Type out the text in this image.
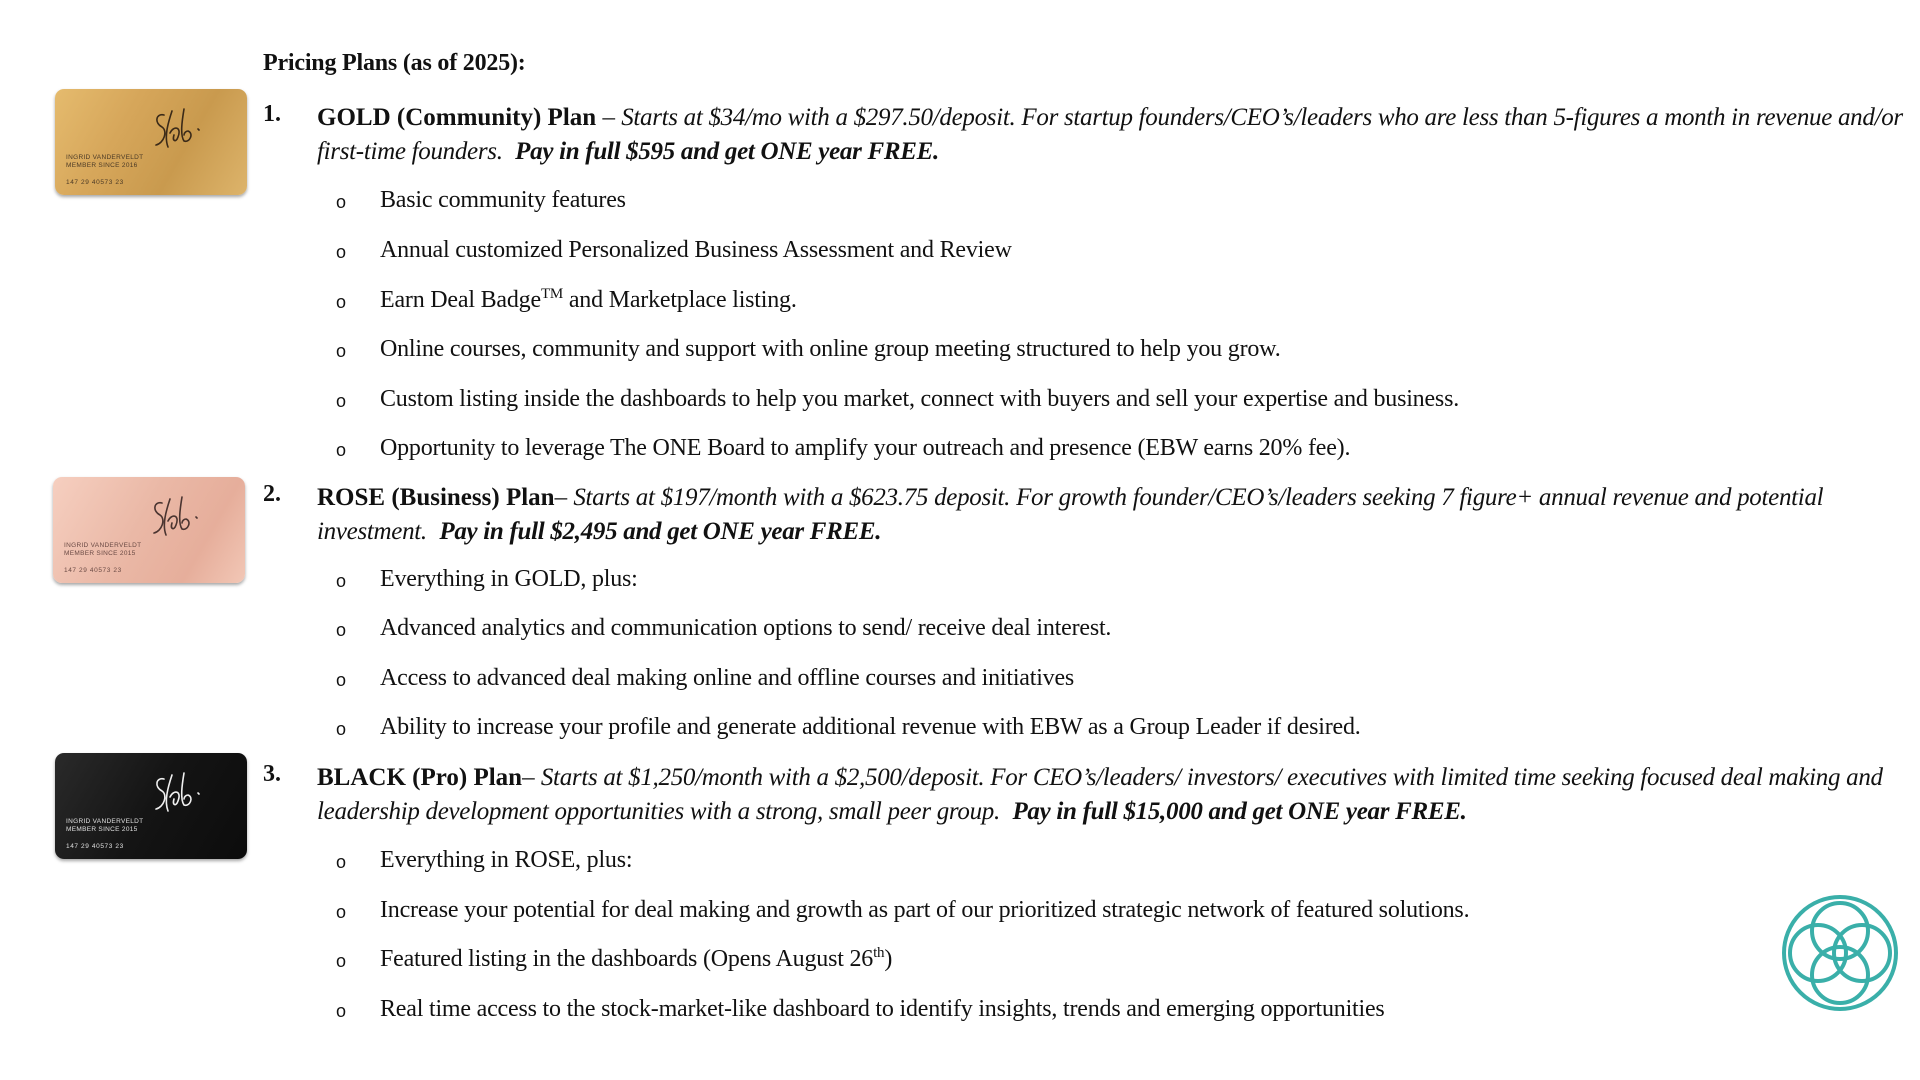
Pricing Plans (as of 2025):
INGRID VANDERVELDT
MEMBER SINCE 2016
147 29 40573 23
INGRID VANDERVELDT
MEMBER SINCE 2015
147 29 40573 23
INGRID VANDERVELDT
MEMBER SINCE 2015
147 29 40573 23
1. GOLD (Community) Plan – Starts at $34/mo with a $297.50/deposit. For startup founders/CEO’s/leaders who are less than 5-figures a month in revenue and/or first-time founders. Pay in full $595 and get ONE year FREE.
o Basic community features
o Annual customized Personalized Business Assessment and Review
o Earn Deal Badge™ and Marketplace listing.
o Online courses, community and support with online group meeting structured to help you grow.
o Custom listing inside the dashboards to help you market, connect with buyers and sell your expertise and business.
o Opportunity to leverage The ONE Board to amplify your outreach and presence (EBW earns 20% fee).
2. ROSE (Business) Plan– Starts at $197/month with a $623.75 deposit. For growth founder/CEO’s/leaders seeking 7 figure+ annual revenue and potential investment. Pay in full $2,495 and get ONE year FREE.
o Everything in GOLD, plus:
o Advanced analytics and communication options to send/ receive deal interest.
o Access to advanced deal making online and offline courses and initiatives
o Ability to increase your profile and generate additional revenue with EBW as a Group Leader if desired.
3. BLACK (Pro) Plan– Starts at $1,250/month with a $2,500/deposit. For CEO’s/leaders/ investors/ executives with limited time seeking focused deal making and leadership development opportunities with a strong, small peer group. Pay in full $15,000 and get ONE year FREE.
o Everything in ROSE, plus:
o Increase your potential for deal making and growth as part of our prioritized strategic network of featured solutions.
o Featured listing in the dashboards (Opens August 26th)
o Real time access to the stock-market-like dashboard to identify insights, trends and emerging opportunities
